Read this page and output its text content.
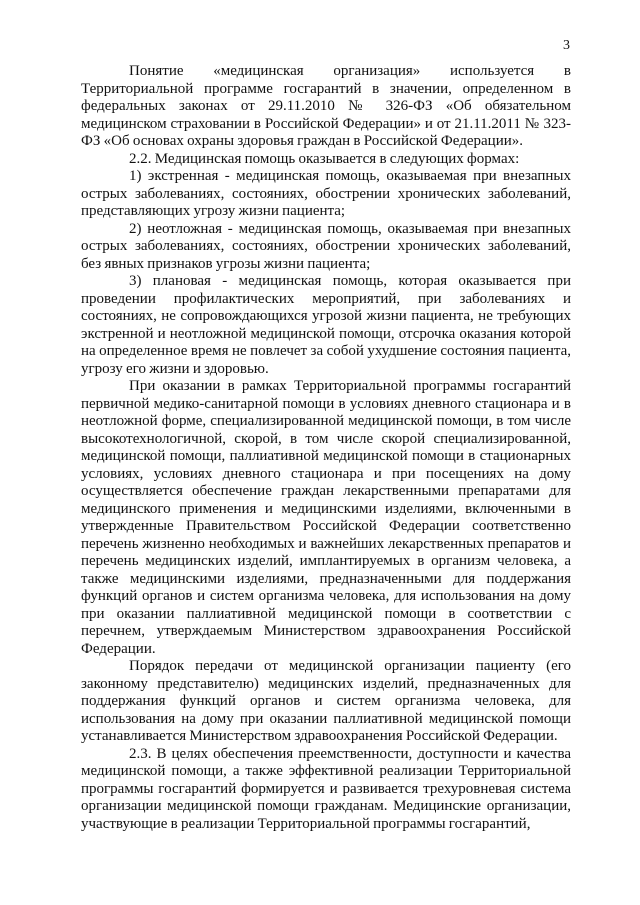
3

Понятие «медицинская организация» используется в Территориальной программе госгарантий в значении, определенном в федеральных законах от 29.11.2010 № 326-ФЗ «Об обязательном медицинском страховании в Российской Федерации» и от 21.11.2011 № 323-ФЗ «Об основах охраны здоровья граждан в Российской Федерации».

2.2. Медицинская помощь оказывается в следующих формах:

1) экстренная - медицинская помощь, оказываемая при внезапных острых заболеваниях, состояниях, обострении хронических заболеваний, представляющих угрозу жизни пациента;

2) неотложная - медицинская помощь, оказываемая при внезапных острых заболеваниях, состояниях, обострении хронических заболеваний, без явных признаков угрозы жизни пациента;

3) плановая - медицинская помощь, которая оказывается при проведении профилактических мероприятий, при заболеваниях и состояниях, не сопровождающихся угрозой жизни пациента, не требующих экстренной и неотложной медицинской помощи, отсрочка оказания которой на определенное время не повлечет за собой ухудшение состояния пациента, угрозу его жизни и здоровью.

При оказании в рамках Территориальной программы госгарантий первичной медико-санитарной помощи в условиях дневного стационара и в неотложной форме, специализированной медицинской помощи, в том числе высокотехнологичной, скорой, в том числе скорой специализированной, медицинской помощи, паллиативной медицинской помощи в стационарных условиях, условиях дневного стационара и при посещениях на дому осуществляется обеспечение граждан лекарственными препаратами для медицинского применения и медицинскими изделиями, включенными в утвержденные Правительством Российской Федерации соответственно перечень жизненно необходимых и важнейших лекарственных препаратов и перечень медицинских изделий, имплантируемых в организм человека, а также медицинскими изделиями, предназначенными для поддержания функций органов и систем организма человека, для использования на дому при оказании паллиативной медицинской помощи в соответствии с перечнем, утверждаемым Министерством здравоохранения Российской Федерации.

Порядок передачи от медицинской организации пациенту (его законному представителю) медицинских изделий, предназначенных для поддержания функций органов и систем организма человека, для использования на дому при оказании паллиативной медицинской помощи устанавливается Министерством здравоохранения Российской Федерации.

2.3. В целях обеспечения преемственности, доступности и качества медицинской помощи, а также эффективной реализации Территориальной программы госгарантий формируется и развивается трехуровневая система организации медицинской помощи гражданам. Медицинские организации, участвующие в реализации Территориальной программы госгарантий,
